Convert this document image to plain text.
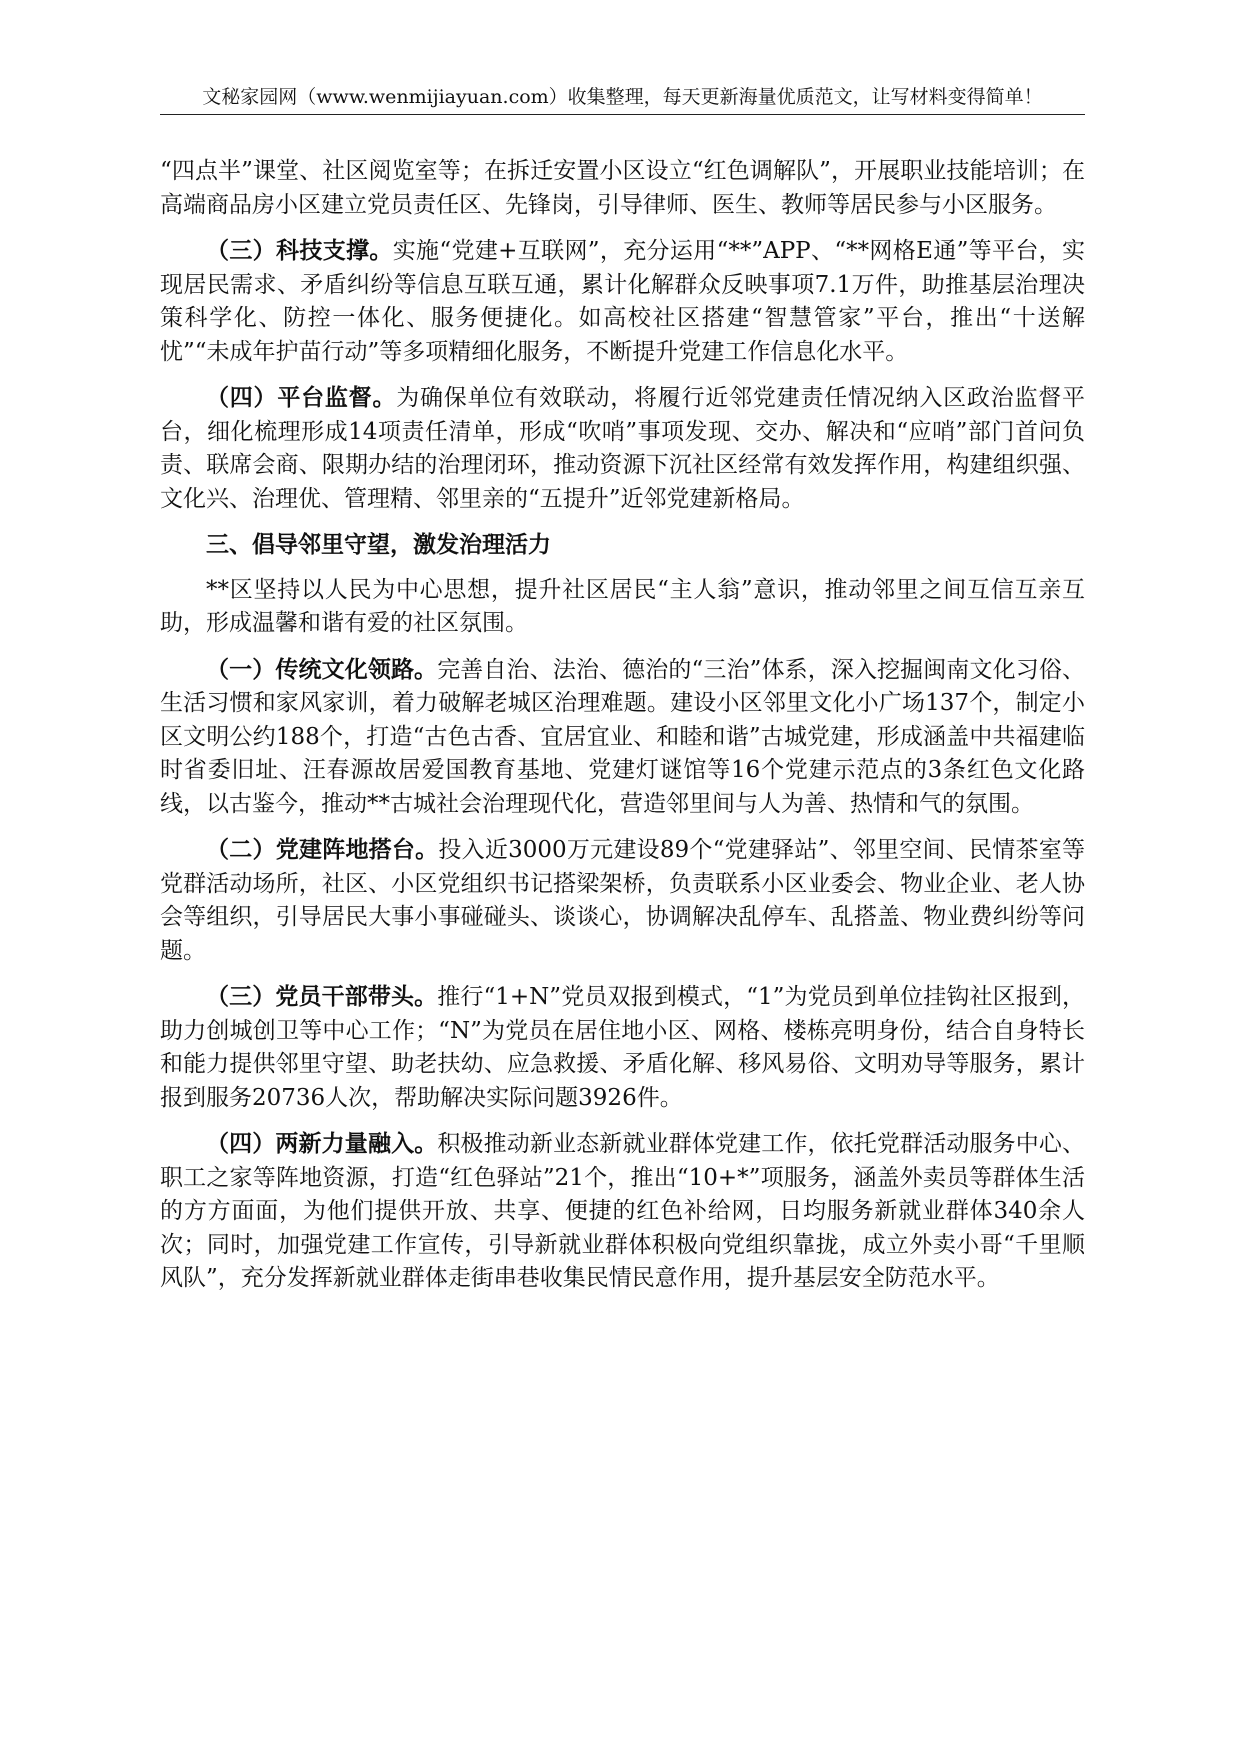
文秘家园网（www.wenmijiayuan.com）收集整理，每天更新海量优质范文，让写材料变得简单！

“四点半”课堂、社区阅览室等；在拆迁安置小区设立“红色调解队”，开展职业技能培训；在高端商品房小区建立党员责任区、先锋岗，引导律师、医生、教师等居民参与小区服务。

（三）科技支撑。实施“党建+互联网”，充分运用“**”APP、“**网格E通”等平台，实现居民需求、矛盾纠纷等信息互联互通，累计化解群众反映事项7.1万件，助推基层治理决策科学化、防控一体化、服务便捷化。如高校社区搭建“智慧管家”平台，推出“十送解忧”“未成年护苗行动”等多项精细化服务，不断提升党建工作信息化水平。

（四）平台监督。为确保单位有效联动，将履行近邻党建责任情况纳入区政治监督平台，细化梳理形成14项责任清单，形成“吹哨”事项发现、交办、解决和“应哨”部门首问负责、联席会商、限期办结的治理闭环，推动资源下沉社区经常有效发挥作用，构建组织强、文化兴、治理优、管理精、邻里亲的“五提升”近邻党建新格局。

三、倡导邻里守望，激发治理活力

**区坚持以人民为中心思想，提升社区居民“主人翁”意识，推动邻里之间互信互亲互助，形成温馨和谐有爱的社区氛围。

（一）传统文化领路。完善自治、法治、德治的“三治”体系，深入挖掘闽南文化习俗、生活习惯和家风家训，着力破解老城区治理难题。建设小区邻里文化小广场137个，制定小区文明公约188个，打造“古色古香、宜居宜业、和睦和谐”古城党建，形成涵盖中共福建临时省委旧址、汪春源故居爱国教育基地、党建灯谜馆等16个党建示范点的3条红色文化路线，以古鉴今，推动**古城社会治理现代化，营造邻里间与人为善、热情和气的氛围。

（二）党建阵地搭台。投入近3000万元建设89个“党建驿站”、邻里空间、民情茶室等党群活动场所，社区、小区党组织书记搭梁架桥，负责联系小区业委会、物业企业、老人协会等组织，引导居民大事小事碰碰头、谈谈心，协调解决乱停车、乱搭盖、物业费纠纷等问题。

（三）党员干部带头。推行“1+N”党员双报到模式，“1”为党员到单位挂钩社区报到，助力创城创卫等中心工作；“N”为党员在居住地小区、网格、楼栋亮明身份，结合自身特长和能力提供邻里守望、助老扶幼、应急救援、矛盾化解、移风易俗、文明劝导等服务，累计报到服务20736人次，帮助解决实际问题3926件。

（四）两新力量融入。积极推动新业态新就业群体党建工作，依托党群活动服务中心、职工之家等阵地资源，打造“红色驿站”21个，推出“10+*”项服务，涵盖外卖员等群体生活的方方面面，为他们提供开放、共享、便捷的红色补给网，日均服务新就业群体340余人次；同时，加强党建工作宣传，引导新就业群体积极向党组织靠拢，成立外卖小哥“千里顺风队”，充分发挥新就业群体走街串巷收集民情民意作用，提升基层安全防范水平。
